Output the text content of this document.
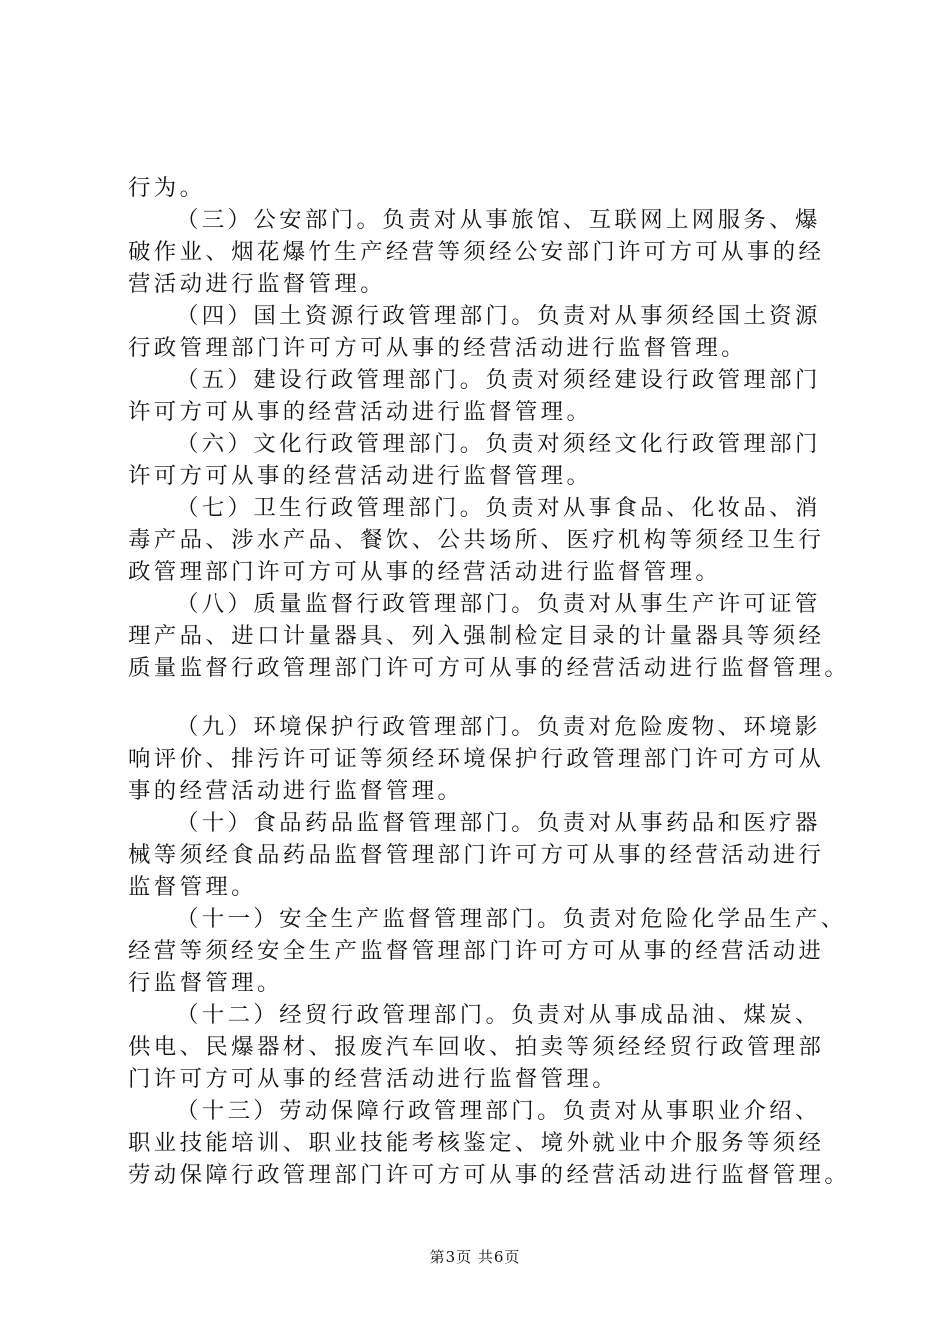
行为。
（三）公安部门。负责对从事旅馆、互联网上网服务、爆
破作业、烟花爆竹生产经营等须经公安部门许可方可从事的经
营活动进行监督管理。
（四）国土资源行政管理部门。负责对从事须经国土资源
行政管理部门许可方可从事的经营活动进行监督管理。
（五）建设行政管理部门。负责对须经建设行政管理部门
许可方可从事的经营活动进行监督管理。
（六）文化行政管理部门。负责对须经文化行政管理部门
许可方可从事的经营活动进行监督管理。
（七）卫生行政管理部门。负责对从事食品、化妆品、消
毒产品、涉水产品、餐饮、公共场所、医疗机构等须经卫生行
政管理部门许可方可从事的经营活动进行监督管理。
（八）质量监督行政管理部门。负责对从事生产许可证管
理产品、进口计量器具、列入强制检定目录的计量器具等须经
质量监督行政管理部门许可方可从事的经营活动进行监督管理。
（九）环境保护行政管理部门。负责对危险废物、环境影
响评价、排污许可证等须经环境保护行政管理部门许可方可从
事的经营活动进行监督管理。
（十）食品药品监督管理部门。负责对从事药品和医疗器
械等须经食品药品监督管理部门许可方可从事的经营活动进行
监督管理。
（十一）安全生产监督管理部门。负责对危险化学品生产、
经营等须经安全生产监督管理部门许可方可从事的经营活动进
行监督管理。
（十二）经贸行政管理部门。负责对从事成品油、煤炭、
供电、民爆器材、报废汽车回收、拍卖等须经经贸行政管理部
门许可方可从事的经营活动进行监督管理。
（十三）劳动保障行政管理部门。负责对从事职业介绍、
职业技能培训、职业技能考核鉴定、境外就业中介服务等须经
劳动保障行政管理部门许可方可从事的经营活动进行监督管理。
第3页 共6页
